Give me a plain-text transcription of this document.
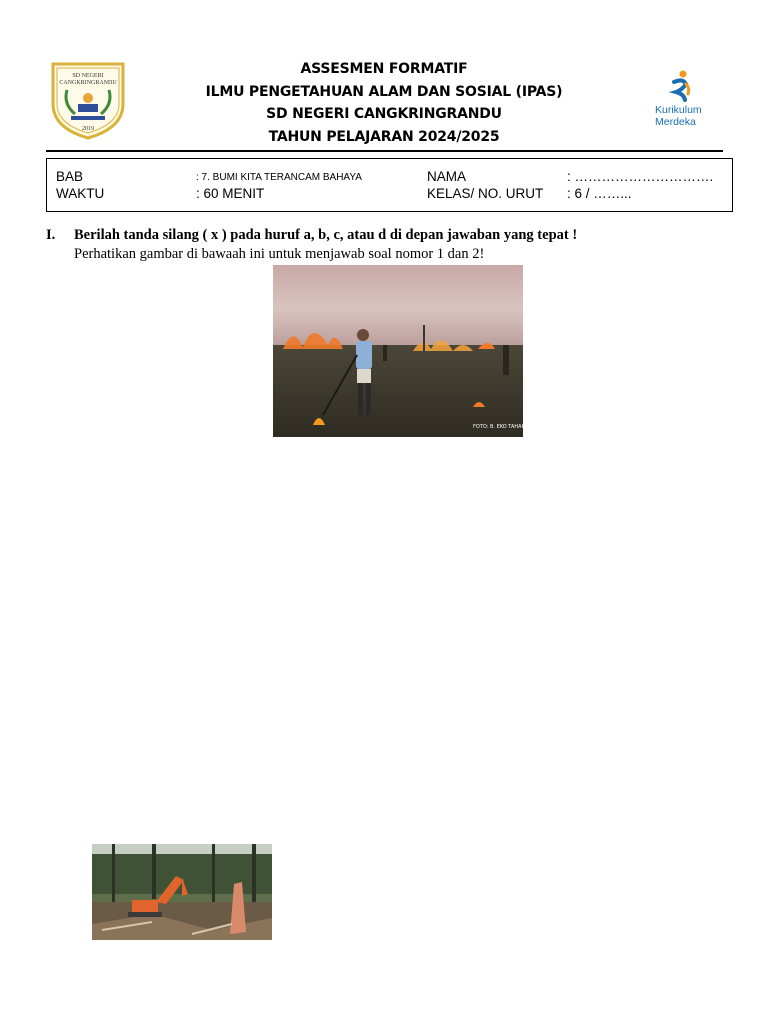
SD NEGERI
CANGKRINGRANDU
2019
ASSESMEN FORMATIF
ILMU PENGETAHUAN ALAM DAN SOSIAL (IPAS)
SD NEGERI CANGKRINGRANDU
TAHUN PELAJARAN 2024/2025
Kurikulum
Merdeka
BAB	: 7. BUMI KITA TERANCAM BAHAYA
WAKTU	: 60 MENIT
NAMA	: ………………………….
KELAS/ NO. URUT : 6 / ……...
I. Berilah tanda silang ( x ) pada huruf a, b, c, atau d di depan jawaban yang tepat !
Perhatikan gambar di bawaah ini untuk menjawab soal nomor 1 dan 2!
FOTO: B. EKO TAHARAN
